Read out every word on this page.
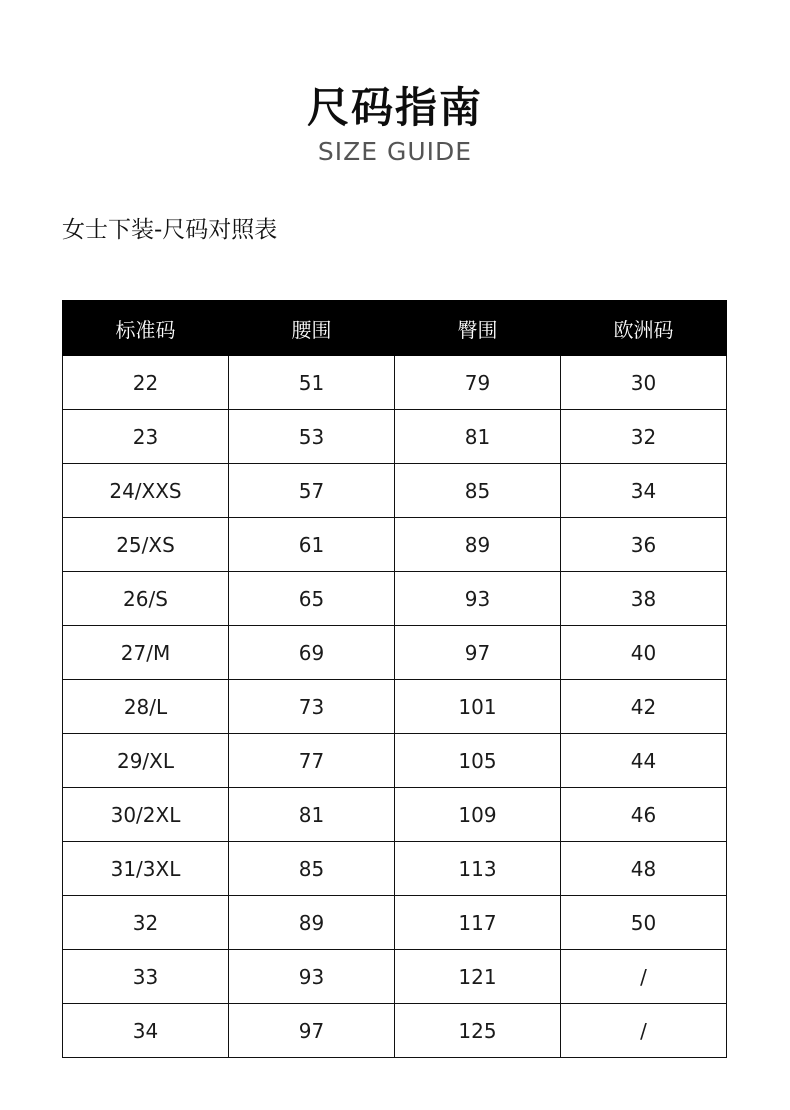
尺码指南
SIZE GUIDE
女士下装-尺码对照表
标准码	腰围	臀围	欧洲码
22	51	79	30
23	53	81	32
24/XXS	57	85	34
25/XS	61	89	36
26/S	65	93	38
27/M	69	97	40
28/L	73	101	42
29/XL	77	105	44
30/2XL	81	109	46
31/3XL	85	113	48
32	89	117	50
33	93	121	/
34	97	125	/
